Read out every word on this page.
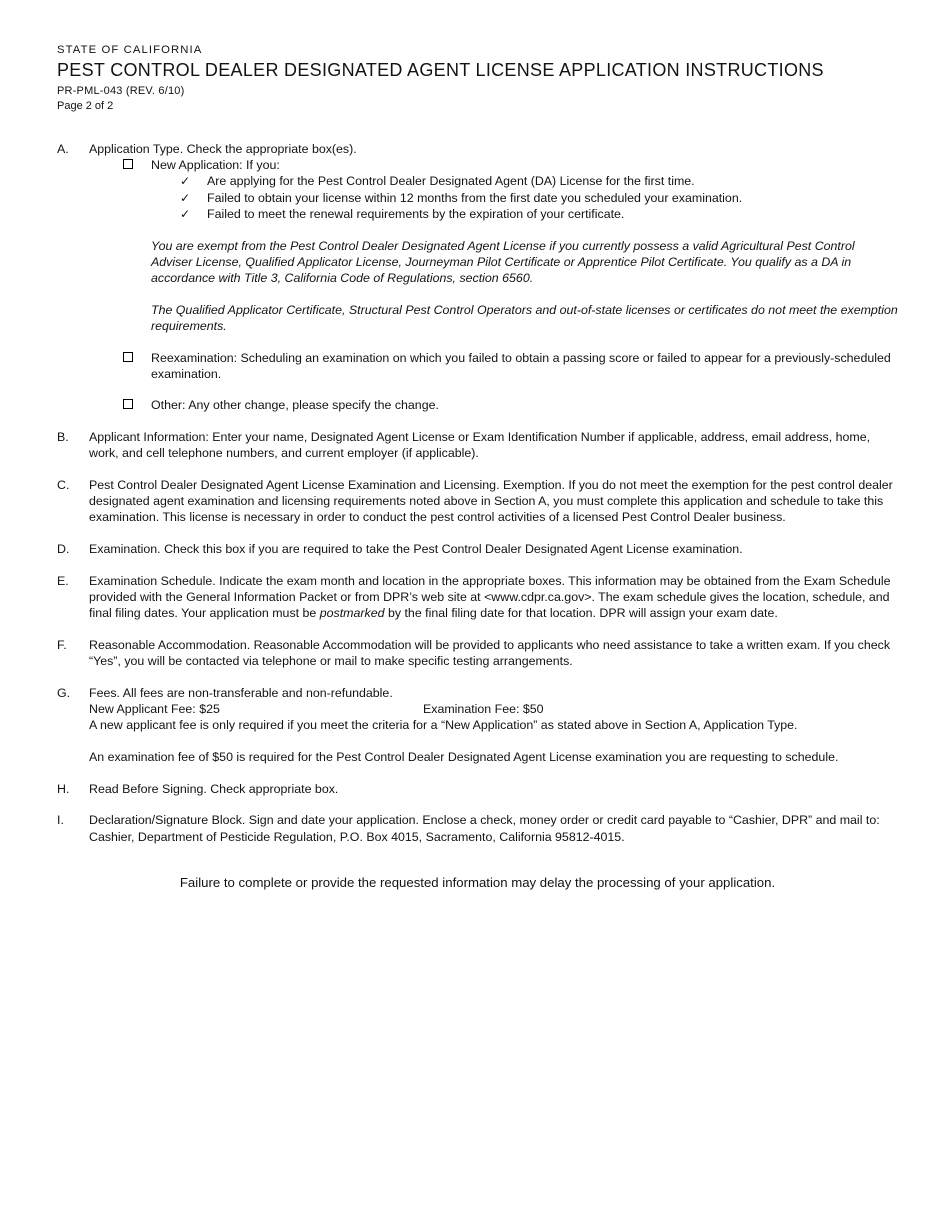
STATE OF CALIFORNIA
PEST CONTROL DEALER DESIGNATED AGENT LICENSE APPLICATION INSTRUCTIONS
PR-PML-043 (REV. 6/10)
Page 2 of 2
A.	Application Type. Check the appropriate box(es).
New Application: If you:
✓	Are applying for the Pest Control Dealer Designated Agent (DA) License for the first time.
✓	Failed to obtain your license within 12 months from the first date you scheduled your examination.
✓	Failed to meet the renewal requirements by the expiration of your certificate.
You are exempt from the Pest Control Dealer Designated Agent License if you currently possess a valid Agricultural Pest Control Adviser License, Qualified Applicator License, Journeyman Pilot Certificate or Apprentice Pilot Certificate. You qualify as a DA in accordance with Title 3, California Code of Regulations, section 6560.
The Qualified Applicator Certificate, Structural Pest Control Operators and out-of-state licenses or certificates do not meet the exemption requirements.
Reexamination: Scheduling an examination on which you failed to obtain a passing score or failed to appear for a previously-scheduled examination.
Other: Any other change, please specify the change.
B.	Applicant Information: Enter your name, Designated Agent License or Exam Identification Number if applicable, address, email address, home, work, and cell telephone numbers, and current employer (if applicable).
C.	Pest Control Dealer Designated Agent License Examination and Licensing. Exemption. If you do not meet the exemption for the pest control dealer designated agent examination and licensing requirements noted above in Section A, you must complete this application and schedule to take this examination. This license is necessary in order to conduct the pest control activities of a licensed Pest Control Dealer business.
D.	Examination. Check this box if you are required to take the Pest Control Dealer Designated Agent License examination.
E.	Examination Schedule. Indicate the exam month and location in the appropriate boxes. This information may be obtained from the Exam Schedule provided with the General Information Packet or from DPR’s web site at <www.cdpr.ca.gov>. The exam schedule gives the location, schedule, and final filing dates. Your application must be postmarked by the final filing date for that location. DPR will assign your exam date.
F.	Reasonable Accommodation. Reasonable Accommodation will be provided to applicants who need assistance to take a written exam. If you check “Yes”, you will be contacted via telephone or mail to make specific testing arrangements.
G.	Fees. All fees are non-transferable and non-refundable.
New Applicant Fee: $25	Examination Fee: $50
A new applicant fee is only required if you meet the criteria for a “New Application” as stated above in Section A, Application Type.
An examination fee of $50 is required for the Pest Control Dealer Designated Agent License examination you are requesting to schedule.
H.	Read Before Signing. Check appropriate box.
I.	Declaration/Signature Block. Sign and date your application. Enclose a check, money order or credit card payable to “Cashier, DPR” and mail to: Cashier, Department of Pesticide Regulation, P.O. Box 4015, Sacramento, California 95812-4015.
Failure to complete or provide the requested information may delay the processing of your application.
